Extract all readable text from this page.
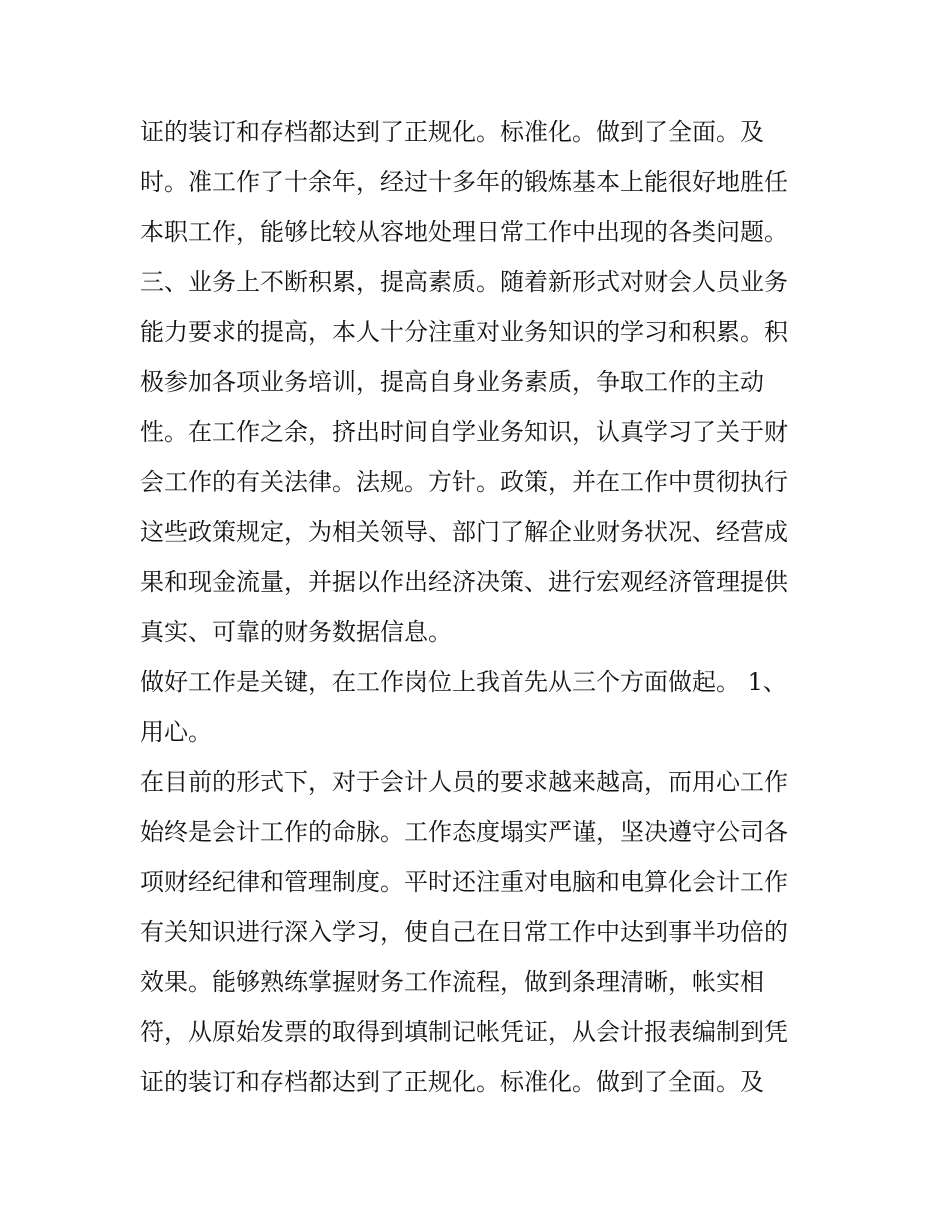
证的装订和存档都达到了正规化。标准化。做到了全面。及
时。准工作了十余年，经过十多年的锻炼基本上能很好地胜任
本职工作，能够比较从容地处理日常工作中出现的各类问题。
三、业务上不断积累，提高素质。随着新形式对财会人员业务
能力要求的提高，本人十分注重对业务知识的学习和积累。积
极参加各项业务培训，提高自身业务素质，争取工作的主动
性。在工作之余，挤出时间自学业务知识，认真学习了关于财
会工作的有关法律。法规。方针。政策，并在工作中贯彻执行
这些政策规定，为相关领导、部门了解企业财务状况、经营成
果和现金流量，并据以作出经济决策、进行宏观经济管理提供
真实、可靠的财务数据信息。
做好工作是关键，在工作岗位上我首先从三个方面做起。 1、
用心。
在目前的形式下，对于会计人员的要求越来越高，而用心工作
始终是会计工作的命脉。工作态度塌实严谨，坚决遵守公司各
项财经纪律和管理制度。平时还注重对电脑和电算化会计工作
有关知识进行深入学习，使自己在日常工作中达到事半功倍的
效果。能够熟练掌握财务工作流程，做到条理清晰，帐实相
符，从原始发票的取得到填制记帐凭证，从会计报表编制到凭
证的装订和存档都达到了正规化。标准化。做到了全面。及
